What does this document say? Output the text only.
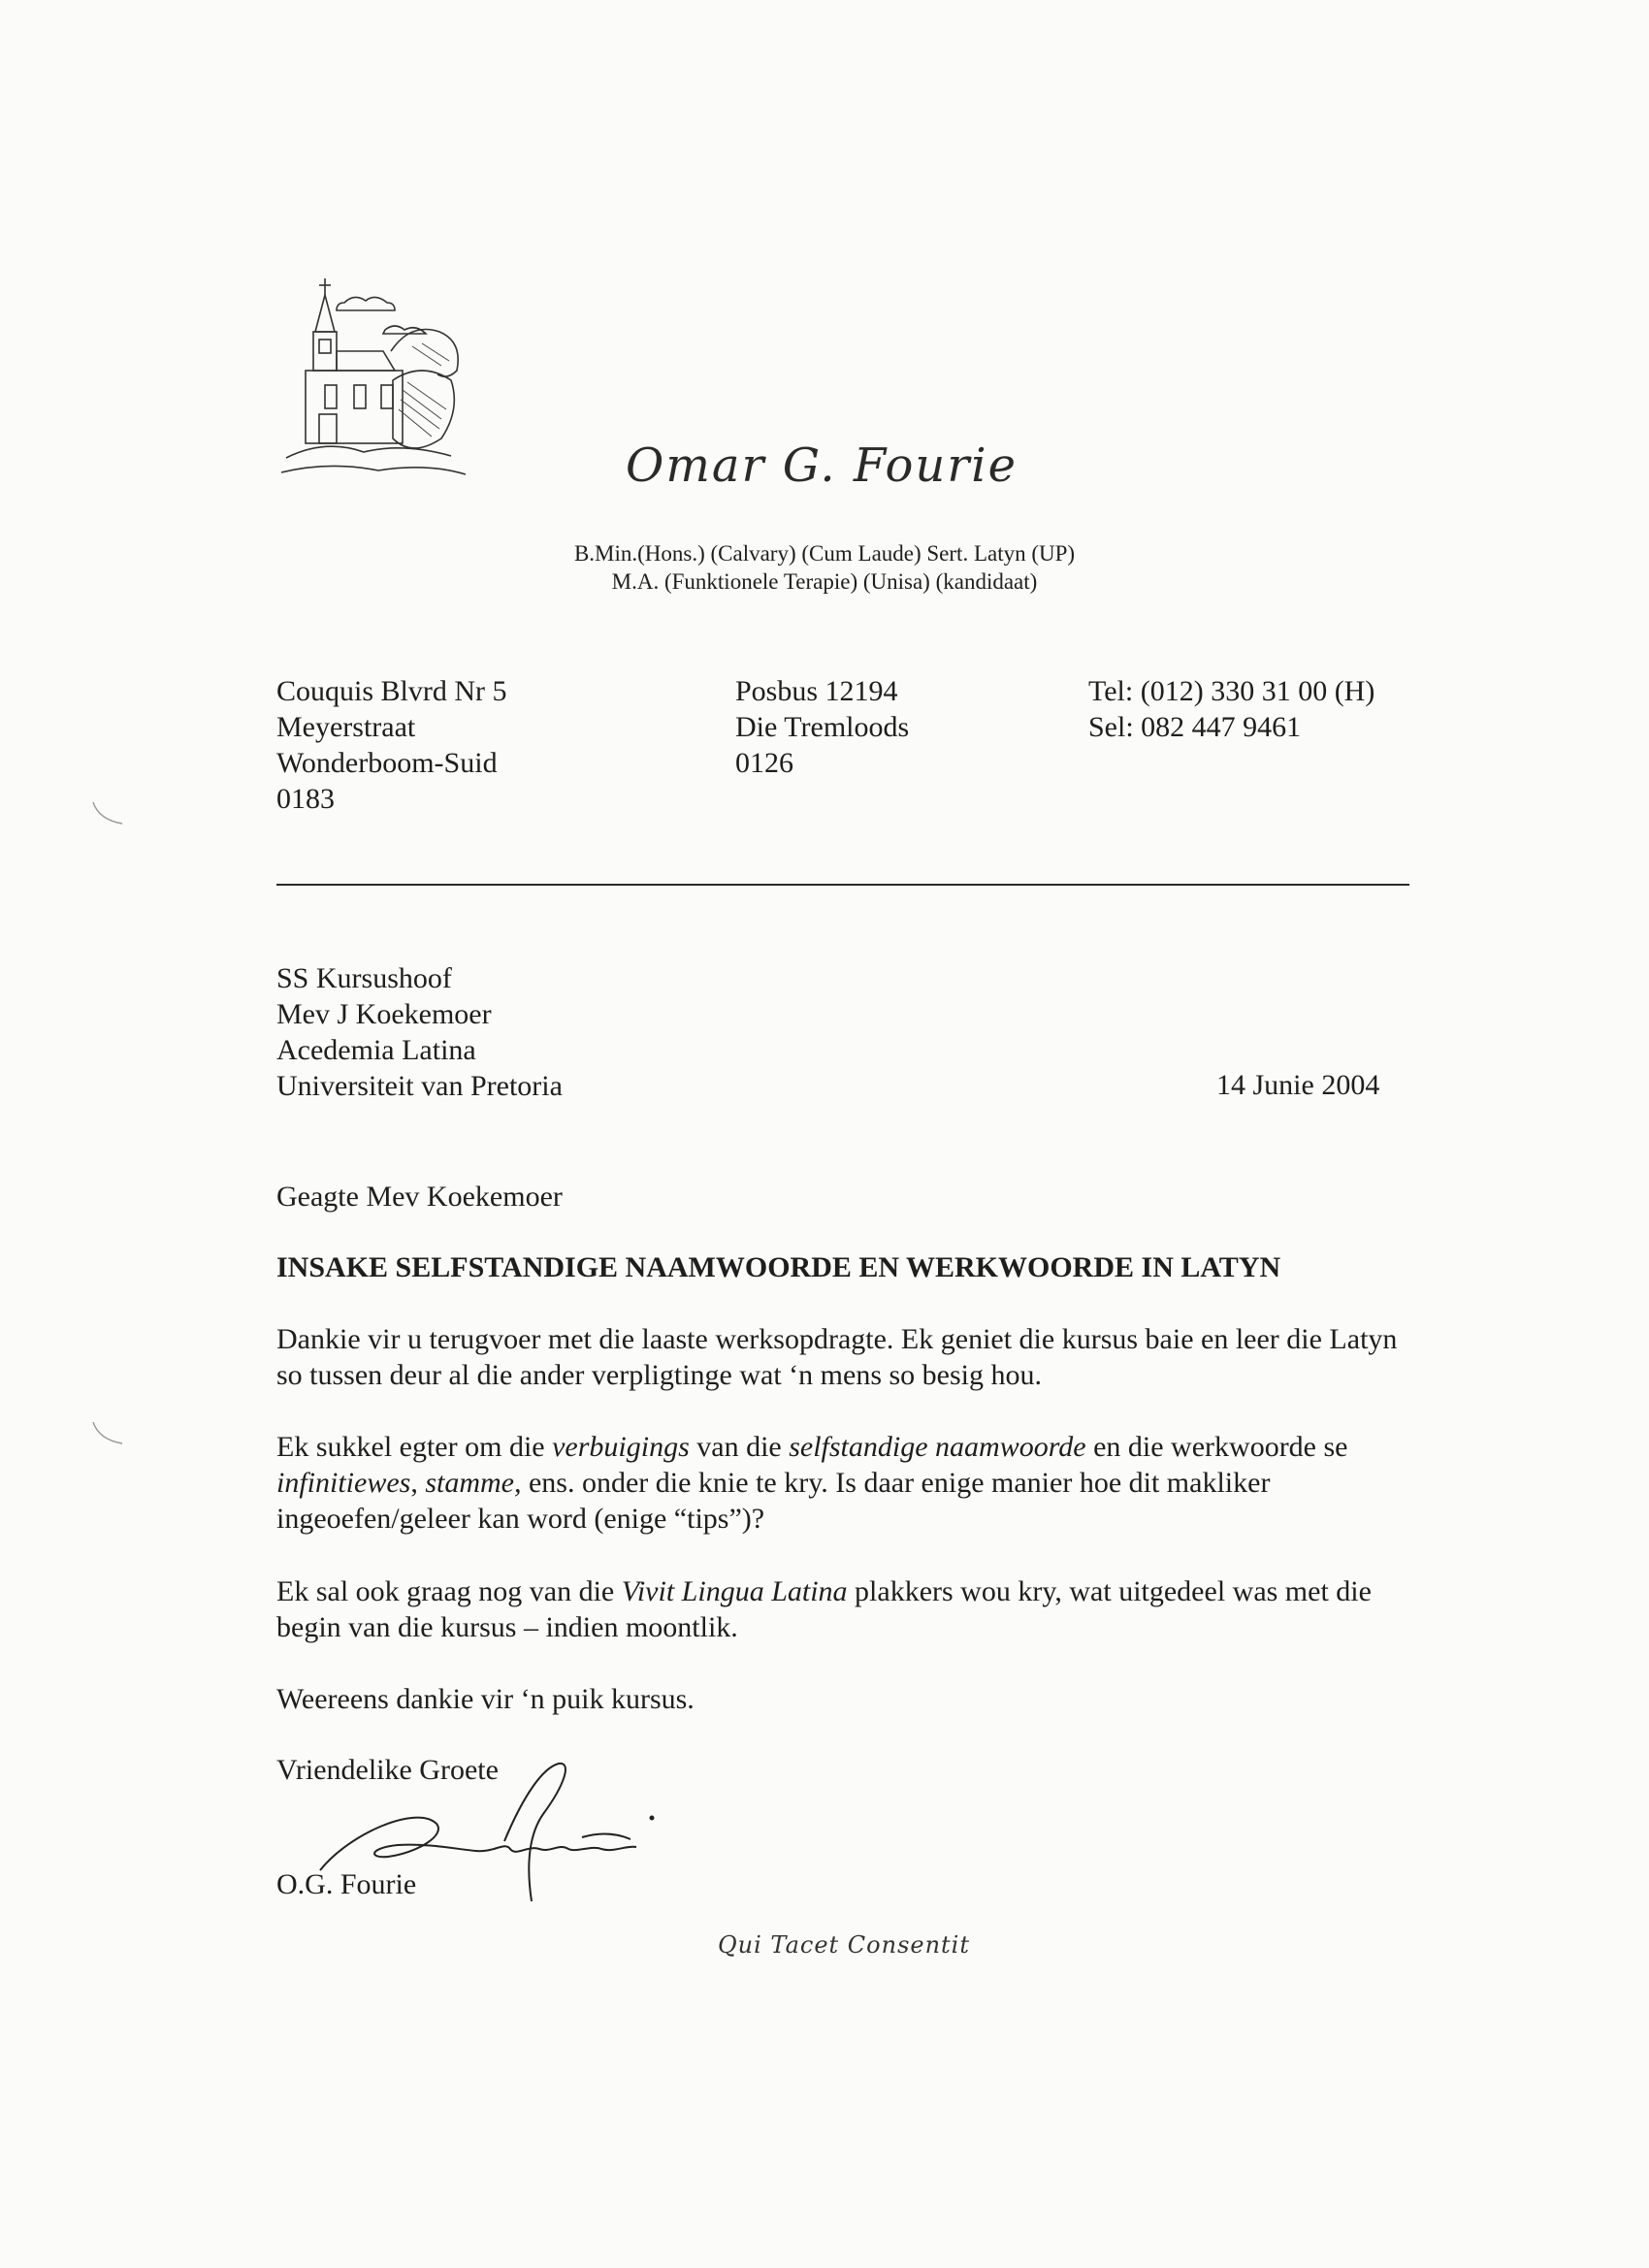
Omar G. Fourie
B.Min.(Hons.) (Calvary) (Cum Laude) Sert. Latyn (UP)
M.A. (Funktionele Terapie) (Unisa) (kandidaat)
Couquis Blvrd Nr 5
Meyerstraat
Wonderboom-Suid
0183
Posbus 12194
Die Tremloods
0126
Tel: (012) 330 31 00 (H)
Sel: 082 447 9461
SS Kursushoof
Mev J Koekemoer
Acedemia Latina
Universiteit van Pretoria	14 Junie 2004
Geagte Mev Koekemoer
INSAKE SELFSTANDIGE NAAMWOORDE EN WERKWOORDE IN LATYN
Dankie vir u terugvoer met die laaste werksopdragte. Ek geniet die kursus baie en leer die Latyn so tussen deur al die ander verpligtinge wat ‘n mens so besig hou.
Ek sukkel egter om die verbuigings van die selfstandige naamwoorde en die werkwoorde se infinitiewes, stamme, ens. onder die knie te kry. Is daar enige manier hoe dit makliker ingeoefen/geleer kan word (enige “tips”)?
Ek sal ook graag nog van die Vivit Lingua Latina plakkers wou kry, wat uitgedeel was met die begin van die kursus – indien moontlik.
Weereens dankie vir ‘n puik kursus.
Vriendelike Groete
O.G. Fourie
Qui Tacet Consentit
